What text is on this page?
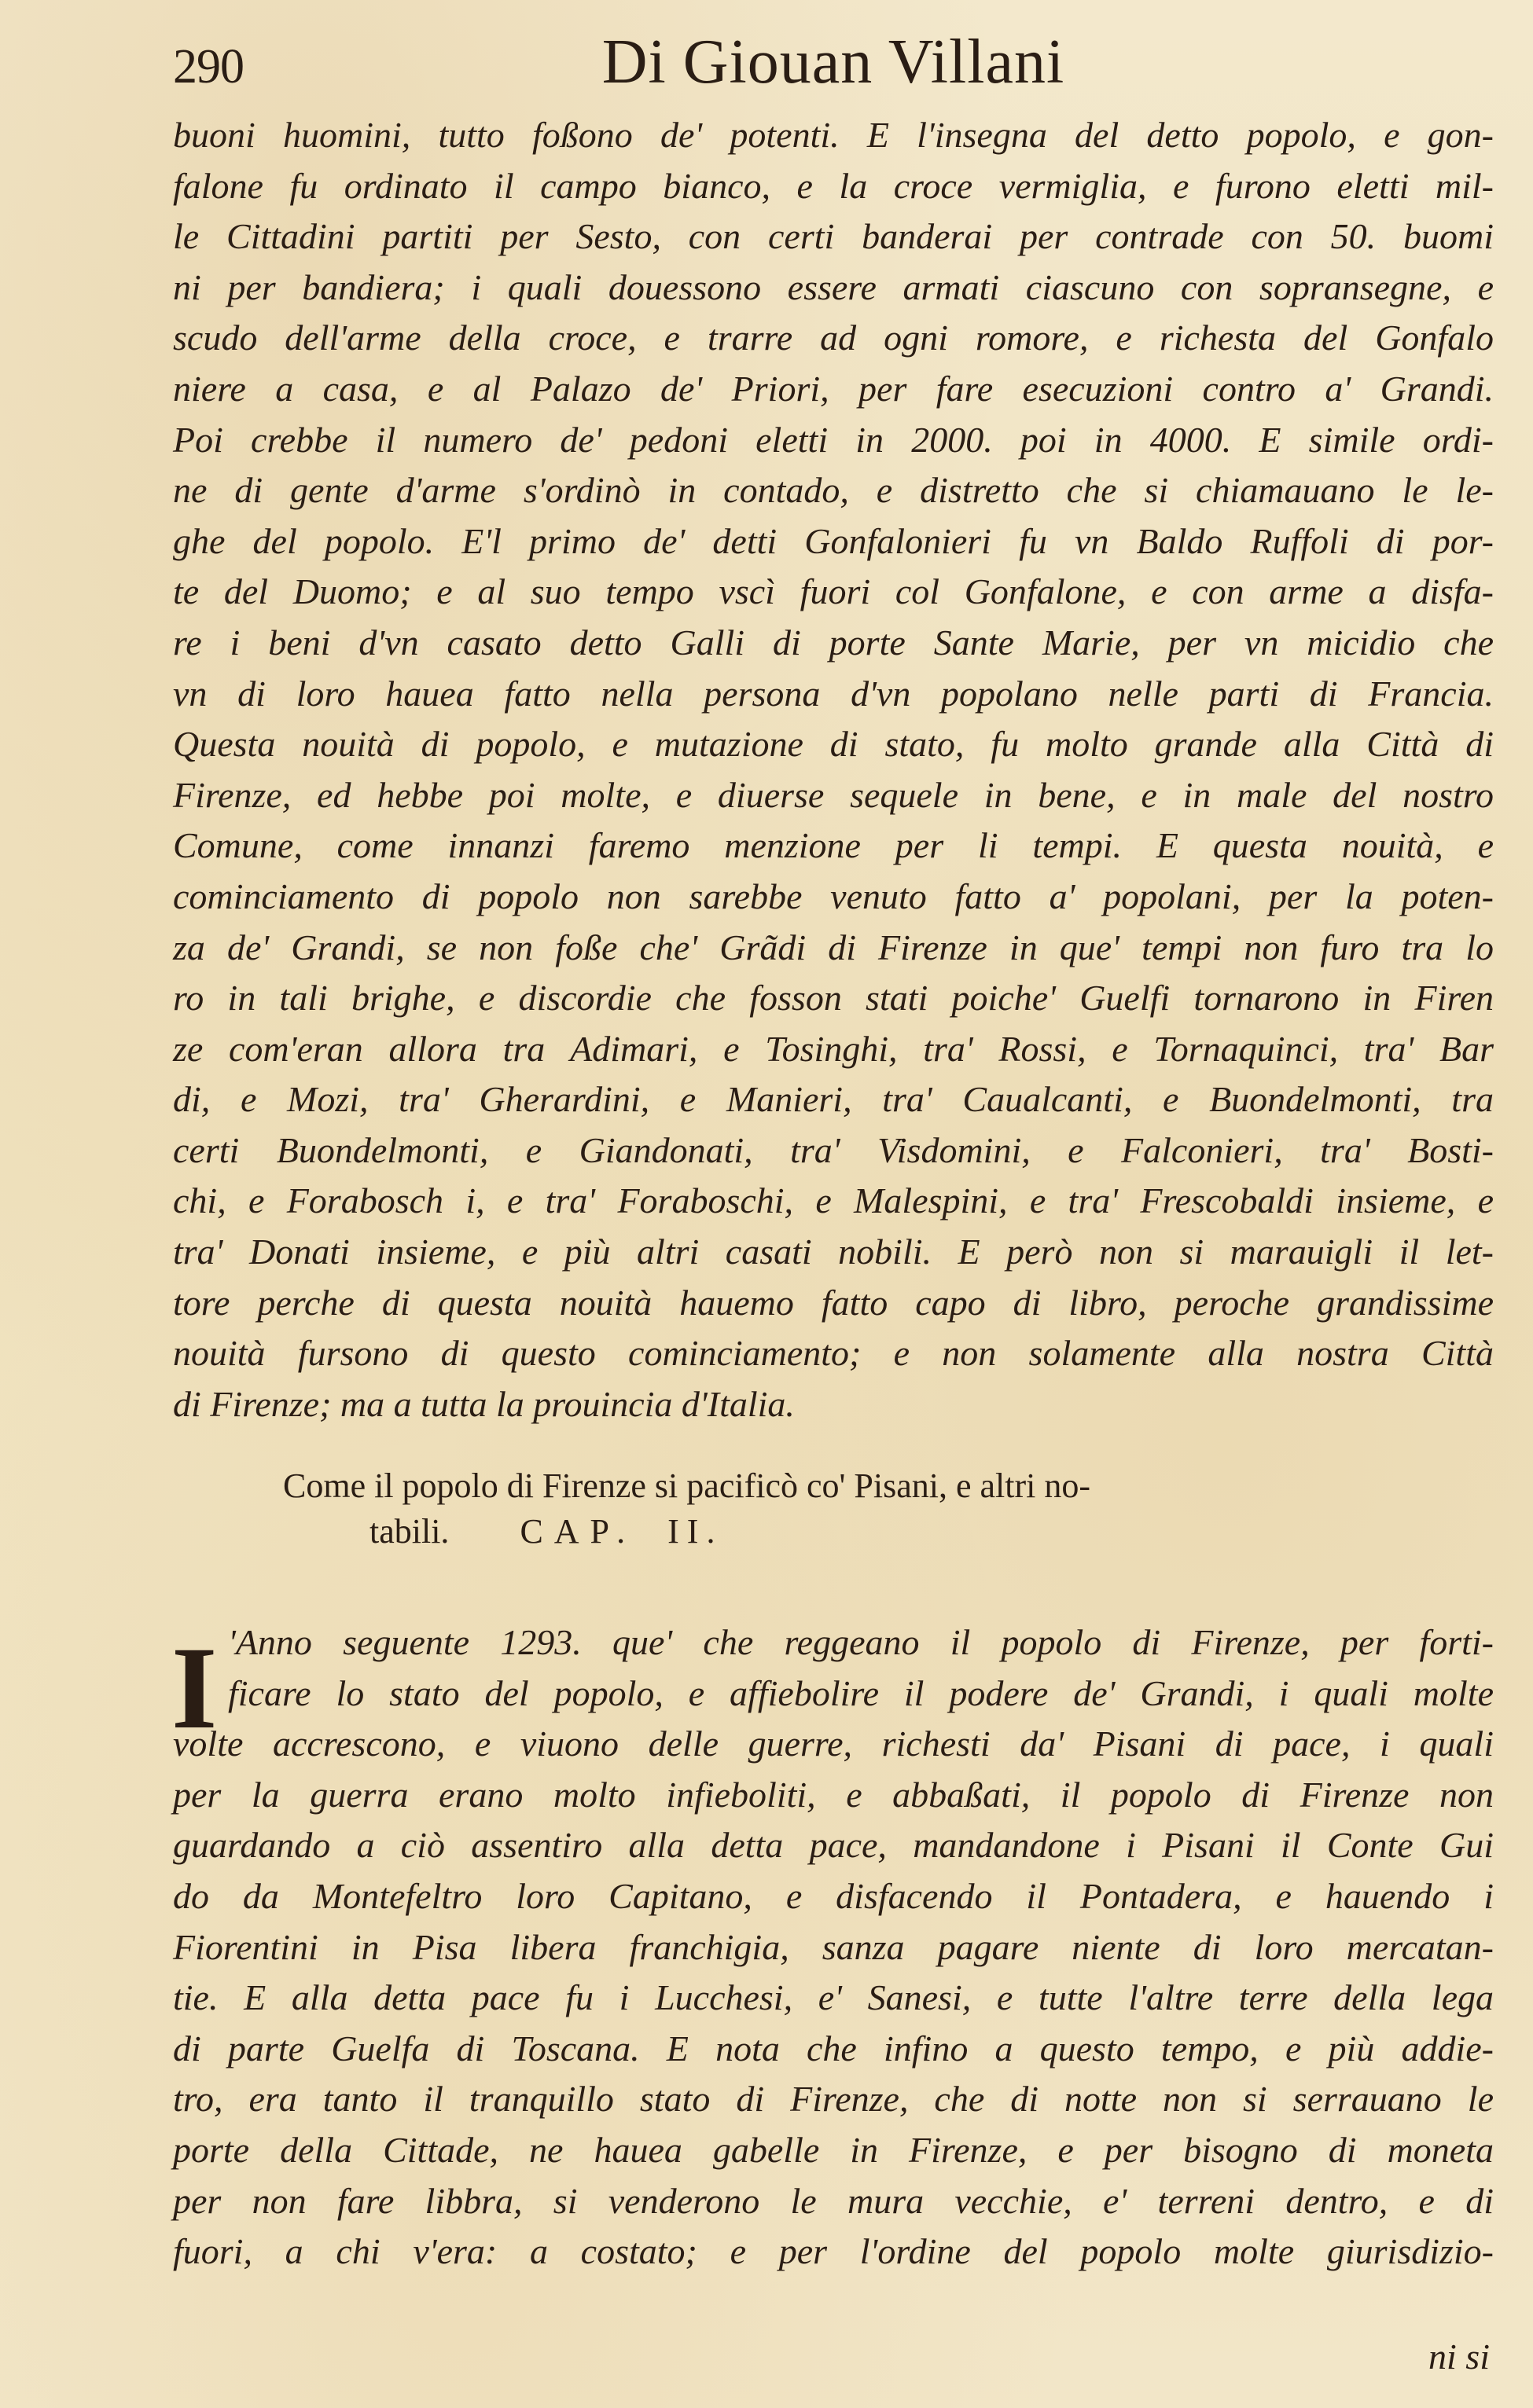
290	Di Giouan Villani
buoni huomini, tutto foßono de' potenti. E l'insegna del detto popolo, e gon-
falone fu ordinato il campo bianco, e la croce vermiglia, e furono eletti mil-
le Cittadini partiti per Sesto, con certi banderai per contrade con 50. buomi
ni per bandiera; i quali douessono essere armati ciascuno con sopransegne, e
scudo dell'arme della croce, e trarre ad ogni romore, e richesta del Gonfalo
niere a casa, e al Palazo de' Priori, per fare esecuzioni contro a' Grandi.
Poi crebbe il numero de' pedoni eletti in 2000. poi in 4000. E simile ordi-
ne di gente d'arme s'ordinò in contado, e distretto che si chiamauano le le-
ghe del popolo. E'l primo de' detti Gonfalonieri fu vn Baldo Ruffoli di por-
te del Duomo; e al suo tempo vscì fuori col Gonfalone, e con arme a disfa-
re i beni d'vn casato detto Galli di porte Sante Marie, per vn micidio che
vn di loro hauea fatto nella persona d'vn popolano nelle parti di Francia.
Questa nouità di popolo, e mutazione di stato, fu molto grande alla Città di
Firenze, ed hebbe poi molte, e diuerse sequele in bene, e in male del nostro
Comune, come innanzi faremo menzione per li tempi. E questa nouità, e
cominciamento di popolo non sarebbe venuto fatto a' popolani, per la poten-
za de' Grandi, se non foße che' Grãdi di Firenze in que' tempi non furo tra lo
ro in tali brighe, e discordie che fosson stati poiche' Guelfi tornarono in Firen
ze com'eran allora tra Adimari, e Tosinghi, tra' Rossi, e Tornaquinci, tra' Bar
di, e Mozi, tra' Gherardini, e Manieri, tra' Caualcanti, e Buondelmonti, tra
certi Buondelmonti, e Giandonati, tra' Visdomini, e Falconieri, tra' Bosti-
chi, e Forabosch i, e tra' Foraboschi, e Malespini, e tra' Frescobaldi insieme, e
tra' Donati insieme, e più altri casati nobili. E però non si marauigli il let-
tore perche di questa nouità hauemo fatto capo di libro, peroche grandissime
nouità fursono di questo cominciamento; e non solamente alla nostra Città
di Firenze; ma a tutta la prouincia d'Italia.
Come il popolo di Firenze si pacificò co' Pisani, e altri no-
tabili. CAP. II.
I 'Anno seguente 1293. que' che reggeano il popolo di Firenze, per forti-
ficare lo stato del popolo, e affiebolire il podere de' Grandi, i quali molte
volte accrescono, e viuono delle guerre, richesti da' Pisani di pace, i quali
per la guerra erano molto infieboliti, e abbaßati, il popolo di Firenze non
guardando a ciò assentiro alla detta pace, mandandone i Pisani il Conte Gui
do da Montefeltro loro Capitano, e disfacendo il Pontadera, e hauendo i
Fiorentini in Pisa libera franchigia, sanza pagare niente di loro mercatan-
tie. E alla detta pace fu i Lucchesi, e' Sanesi, e tutte l'altre terre della lega
di parte Guelfa di Toscana. E nota che infino a questo tempo, e più addie-
tro, era tanto il tranquillo stato di Firenze, che di notte non si serrauano le
porte della Cittade, ne hauea gabelle in Firenze, e per bisogno di moneta
per non fare libbra, si venderono le mura vecchie, e' terreni dentro, e di
fuori, a chi v'era: a costato; e per l'ordine del popolo molte giurisdizio-
ni si
